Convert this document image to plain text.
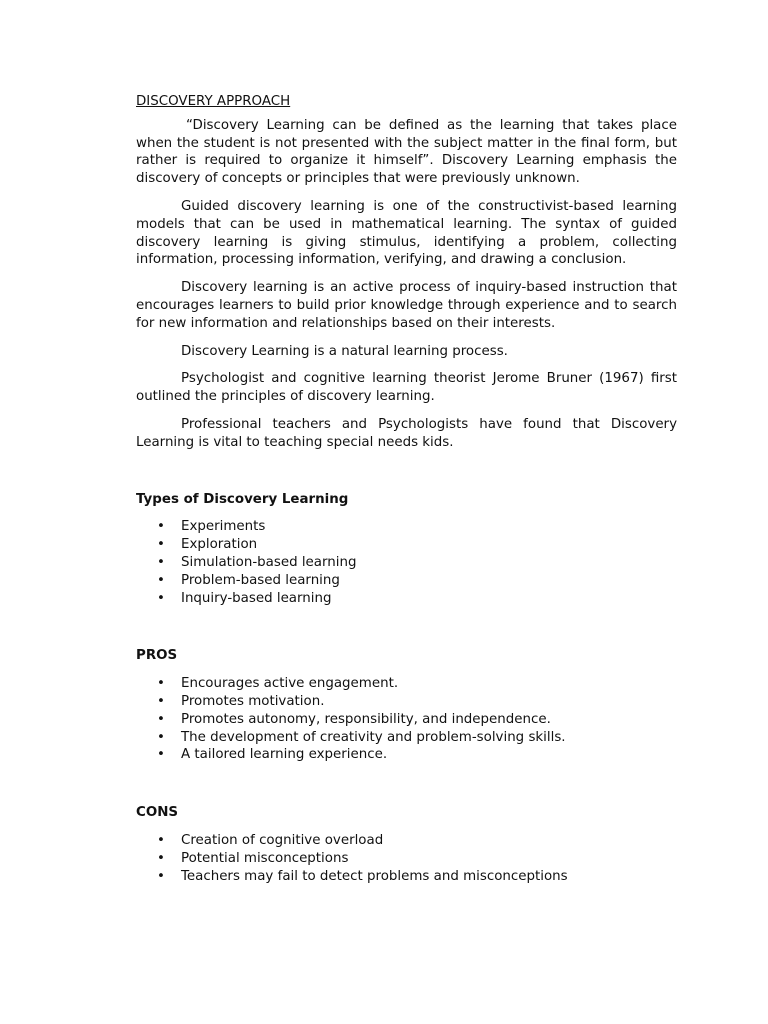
DISCOVERY APPROACH

“Discovery Learning can be defined as the learning that takes place when the student is not presented with the subject matter in the final form, but rather is required to organize it himself”. Discovery Learning emphasis the discovery of concepts or principles that were previously unknown.

Guided discovery learning is one of the constructivist-based learning models that can be used in mathematical learning. The syntax of guided discovery learning is giving stimulus, identifying a problem, collecting information, processing information, verifying, and drawing a conclusion.

Discovery learning is an active process of inquiry-based instruction that encourages learners to build prior knowledge through experience and to search for new information and relationships based on their interests.

Discovery Learning is a natural learning process.

Psychologist and cognitive learning theorist Jerome Bruner (1967) first outlined the principles of discovery learning.

Professional teachers and Psychologists have found that Discovery Learning is vital to teaching special needs kids.

Types of Discovery Learning
• Experiments
• Exploration
• Simulation-based learning
• Problem-based learning
• Inquiry-based learning
PROS
• Encourages active engagement.
• Promotes motivation.
• Promotes autonomy, responsibility, and independence.
• The development of creativity and problem-solving skills.
• A tailored learning experience.
CONS
• Creation of cognitive overload
• Potential misconceptions
• Teachers may fail to detect problems and misconceptions
